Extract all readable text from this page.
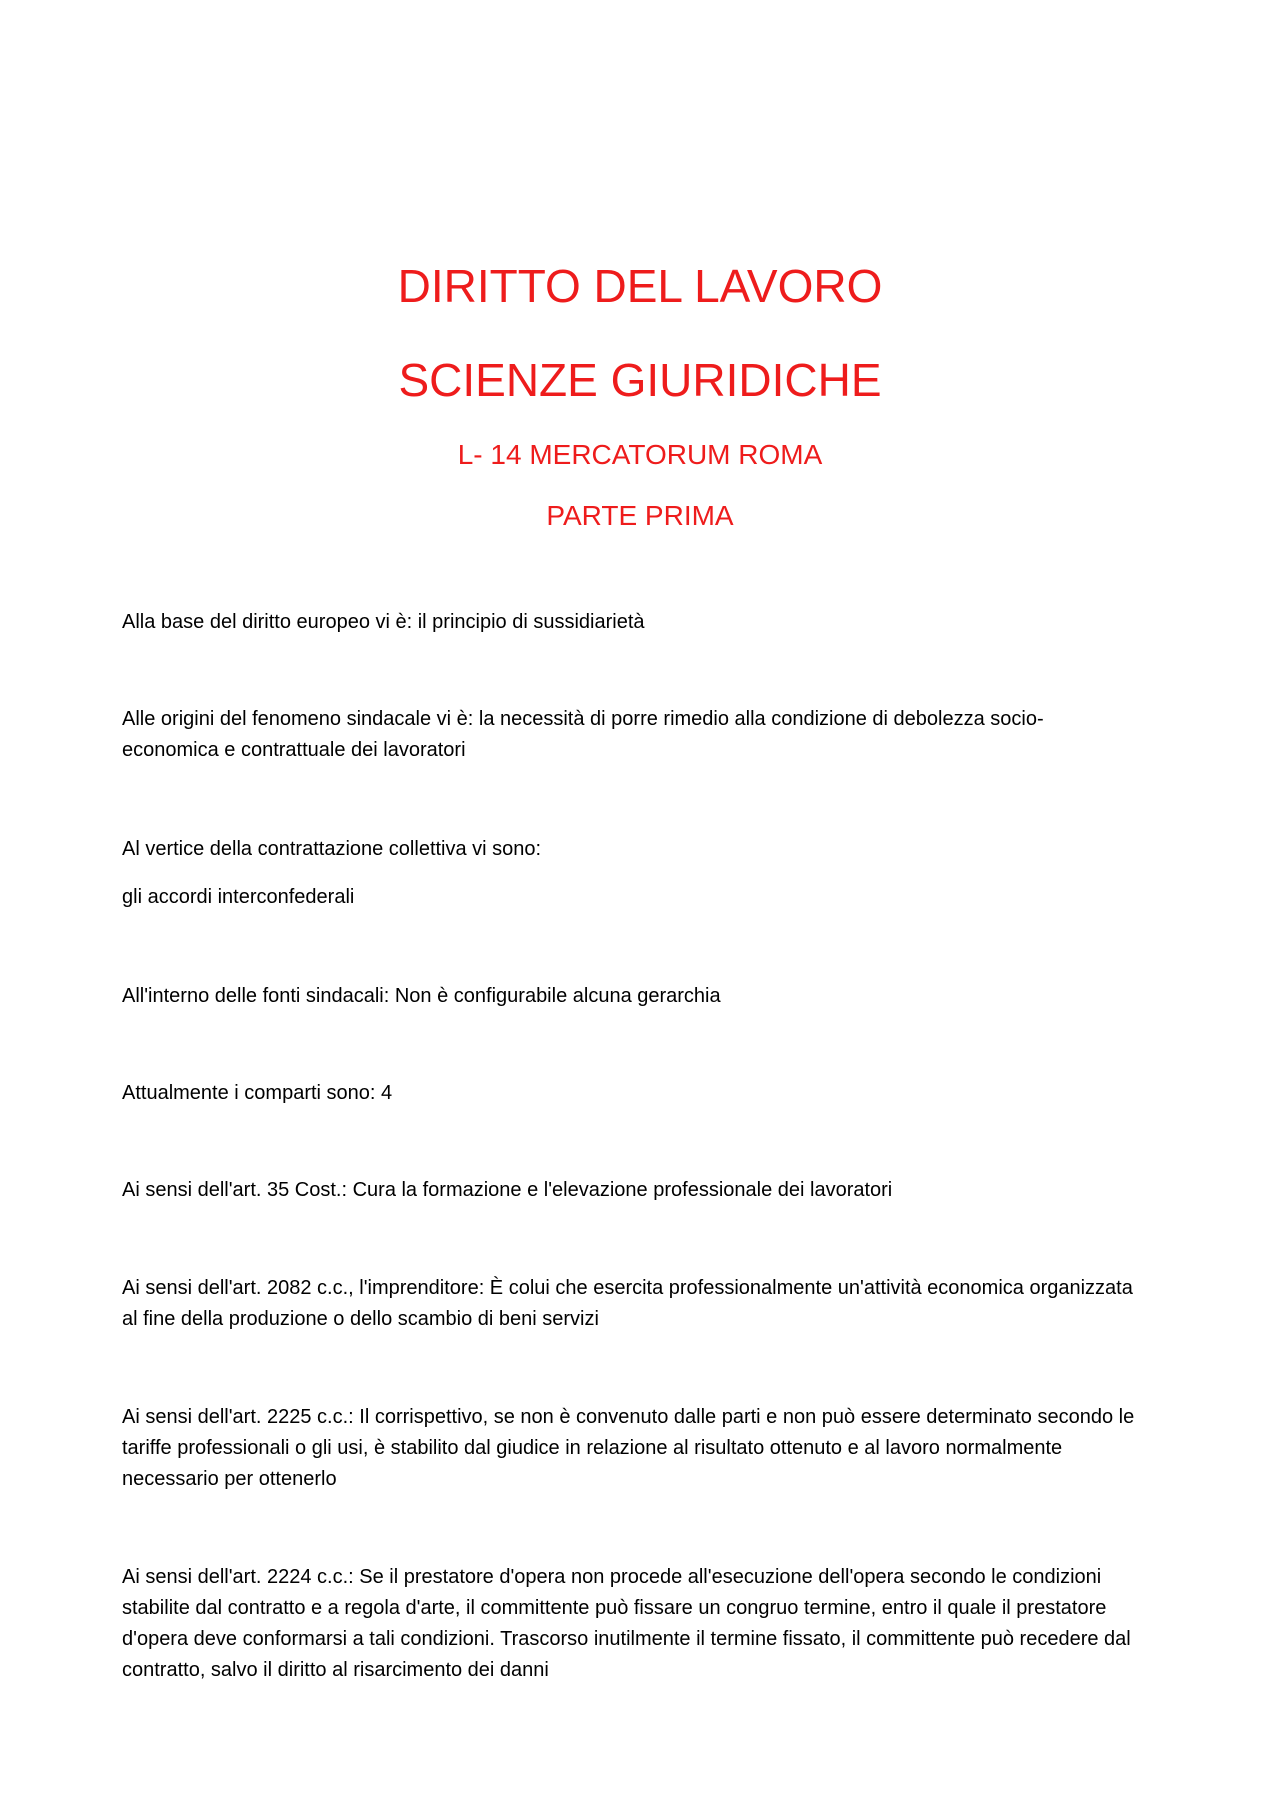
DIRITTO DEL LAVORO
SCIENZE GIURIDICHE
L- 14 MERCATORUM ROMA
PARTE PRIMA

Alla base del diritto europeo vi è: il principio di sussidiarietà

Alle origini del fenomeno sindacale vi è: la necessità di porre rimedio alla condizione di debolezza socio-economica e contrattuale dei lavoratori

Al vertice della contrattazione collettiva vi sono:

gli accordi interconfederali

All'interno delle fonti sindacali: Non è configurabile alcuna gerarchia

Attualmente i comparti sono: 4

Ai sensi dell'art. 35 Cost.: Cura la formazione e l'elevazione professionale dei lavoratori

Ai sensi dell'art. 2082 c.c., l'imprenditore: È colui che esercita professionalmente un'attività economica organizzata al fine della produzione o dello scambio di beni servizi

Ai sensi dell'art. 2225 c.c.: Il corrispettivo, se non è convenuto dalle parti e non può essere determinato secondo le tariffe professionali o gli usi, è stabilito dal giudice in relazione al risultato ottenuto e al lavoro normalmente necessario per ottenerlo

Ai sensi dell'art. 2224 c.c.: Se il prestatore d'opera non procede all'esecuzione dell'opera secondo le condizioni stabilite dal contratto e a regola d'arte, il committente può fissare un congruo termine, entro il quale il prestatore d'opera deve conformarsi a tali condizioni. Trascorso inutilmente il termine fissato, il committente può recedere dal contratto, salvo il diritto al risarcimento dei danni
